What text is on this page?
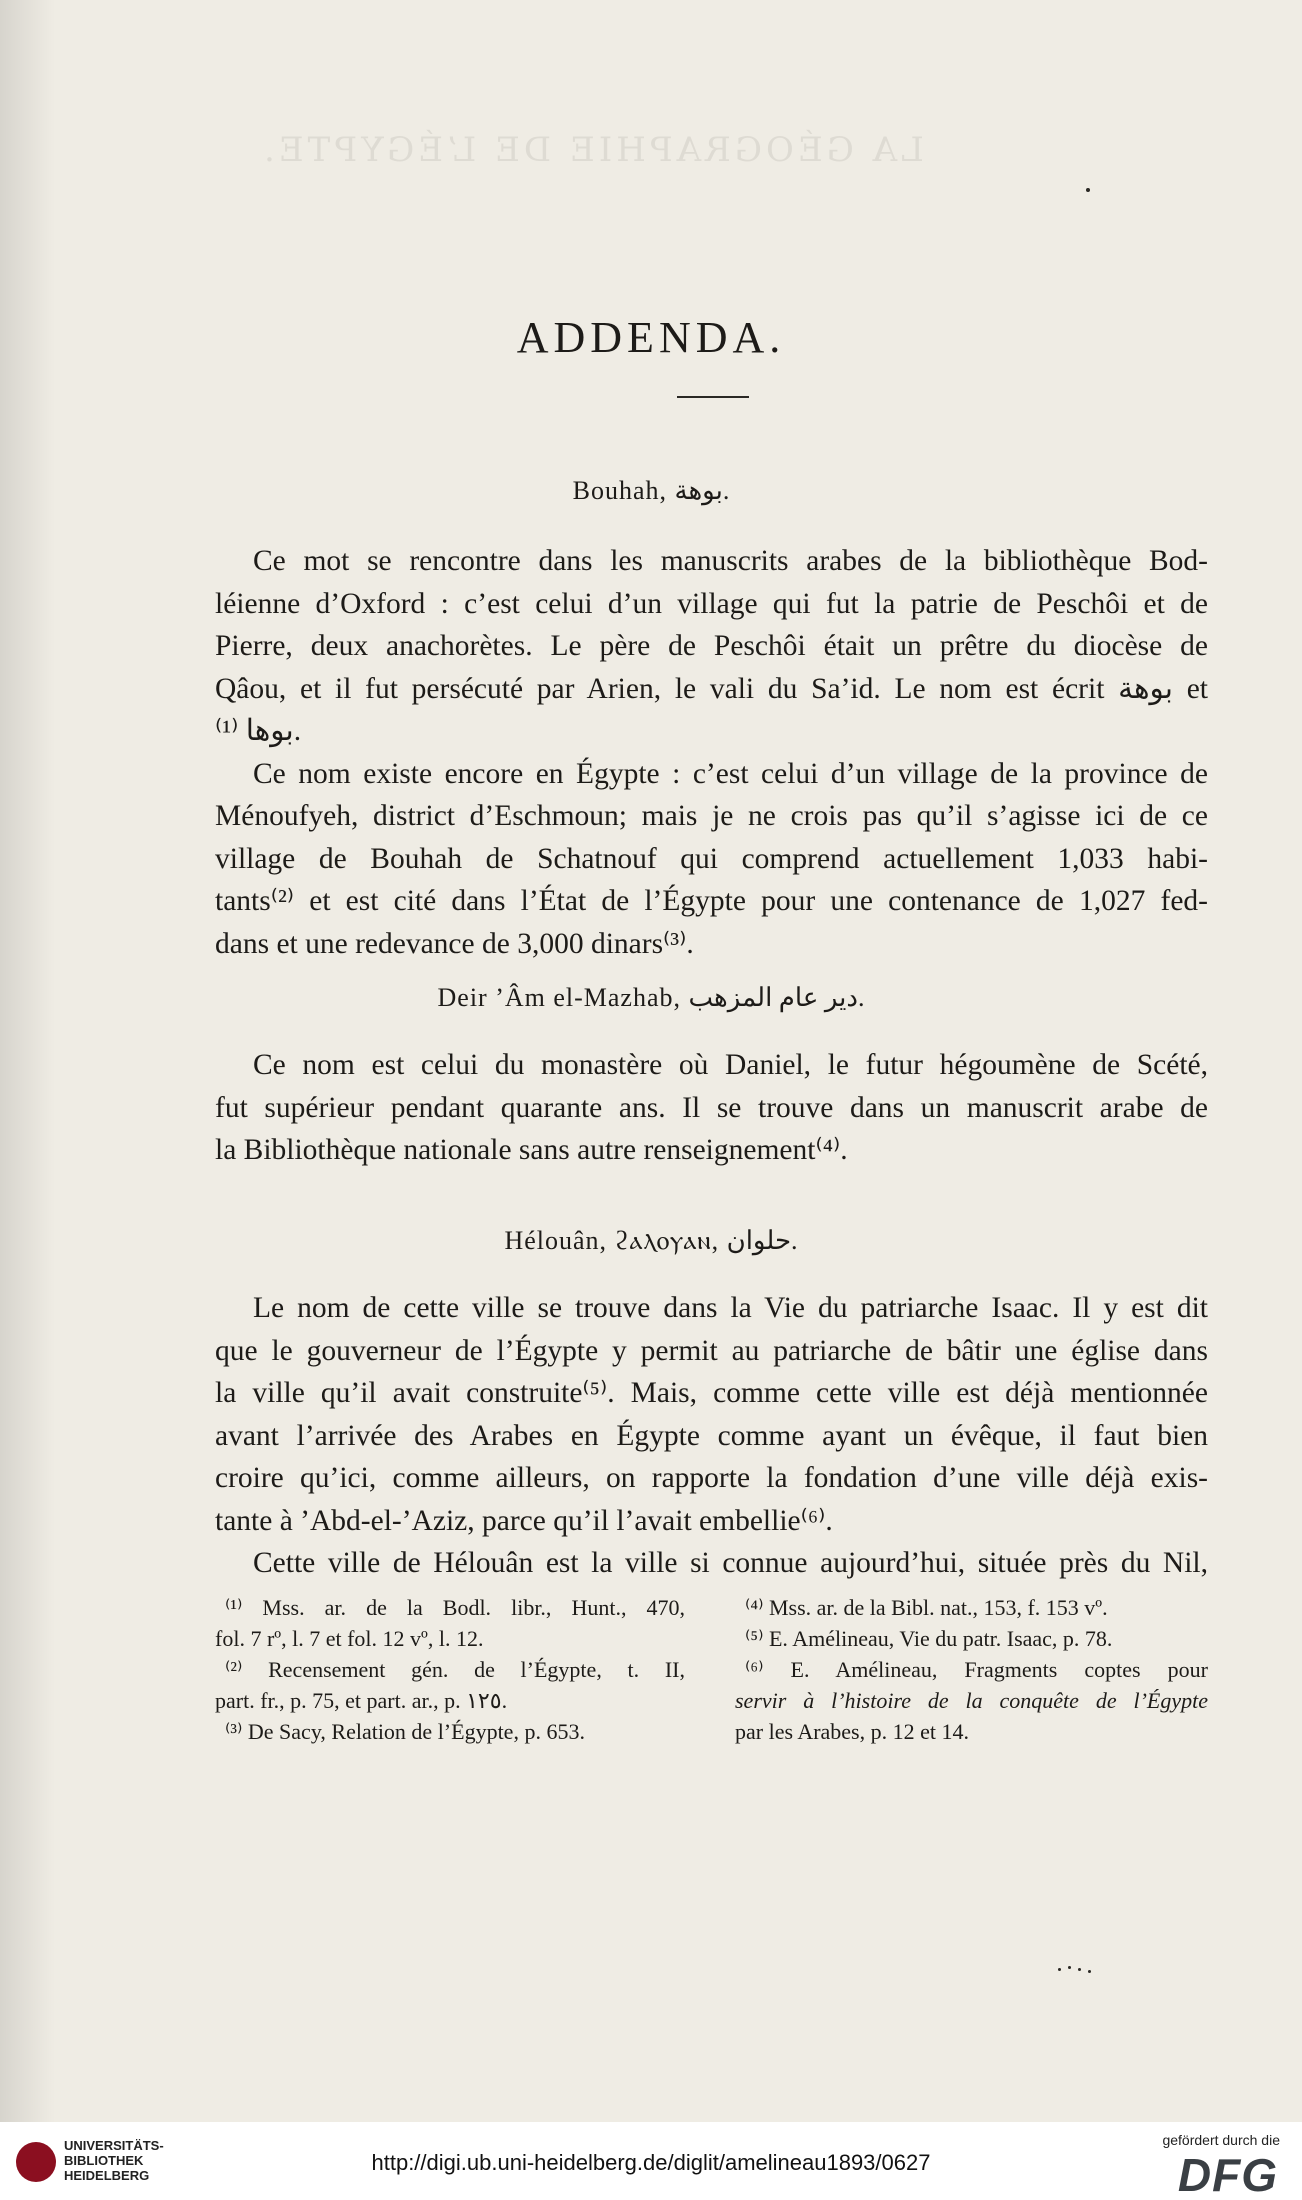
LA GÉOGRAPHIE DE L’ÉGYPTE.
ADDENDA.
Bouhah, بوهة.
Ce mot se rencontre dans les manuscrits arabes de la bibliothèque Bod-
léienne d’Oxford : c’est celui d’un village qui fut la patrie de Peschôi et de
Pierre, deux anachorètes. Le père de Peschôi était un prêtre du diocèse de
Qâou, et il fut persécuté par Arien, le vali du Sa’id. Le nom est écrit بوهة et
بوها ⁽¹⁾.
Ce nom existe encore en Égypte : c’est celui d’un village de la province de
Ménoufyeh, district d’Eschmoun; mais je ne crois pas qu’il s’agisse ici de ce
village de Bouhah de Schatnouf qui comprend actuellement 1,033 habi-
tants⁽²⁾ et est cité dans l’État de l’Égypte pour une contenance de 1,027 fed-
dans et une redevance de 3,000 dinars⁽³⁾.
Deir ’Âm el-Mazhab, دير عام المزهب.
Ce nom est celui du monastère où Daniel, le futur hégoumène de Scété,
fut supérieur pendant quarante ans. Il se trouve dans un manuscrit arabe de
la Bibliothèque nationale sans autre renseignement⁽⁴⁾.
Hélouân, ϩⲁⲗⲟⲩⲁⲛ, حلوان.
Le nom de cette ville se trouve dans la Vie du patriarche Isaac. Il y est dit
que le gouverneur de l’Égypte y permit au patriarche de bâtir une église dans
la ville qu’il avait construite⁽⁵⁾. Mais, comme cette ville est déjà mentionnée
avant l’arrivée des Arabes en Égypte comme ayant un évêque, il faut bien
croire qu’ici, comme ailleurs, on rapporte la fondation d’une ville déjà exis-
tante à ’Abd-el-’Aziz, parce qu’il l’avait embellie⁽⁶⁾.
Cette ville de Hélouân est la ville si connue aujourd’hui, située près du Nil,
⁽¹⁾ Mss. ar. de la Bodl. libr., Hunt., 470,
fol. 7 rº, l. 7 et fol. 12 vº, l. 12.
⁽²⁾ Recensement gén. de l’Égypte, t. II,
part. fr., p. 75, et part. ar., p. ١٢٥.
⁽³⁾ De Sacy, Relation de l’Égypte, p. 653.
⁽⁴⁾ Mss. ar. de la Bibl. nat., 153, f. 153 vº.
⁽⁵⁾ E. Amélineau, Vie du patr. Isaac, p. 78.
⁽⁶⁾ E. Amélineau, Fragments coptes pour
servir à l’histoire de la conquête de l’Égypte
par les Arabes, p. 12 et 14.
UNIVERSITÄTS-
BIBLIOTHEK
HEIDELBERG
http://digi.ub.uni-heidelberg.de/diglit/amelineau1893/0627
gefördert durch die
DFG
